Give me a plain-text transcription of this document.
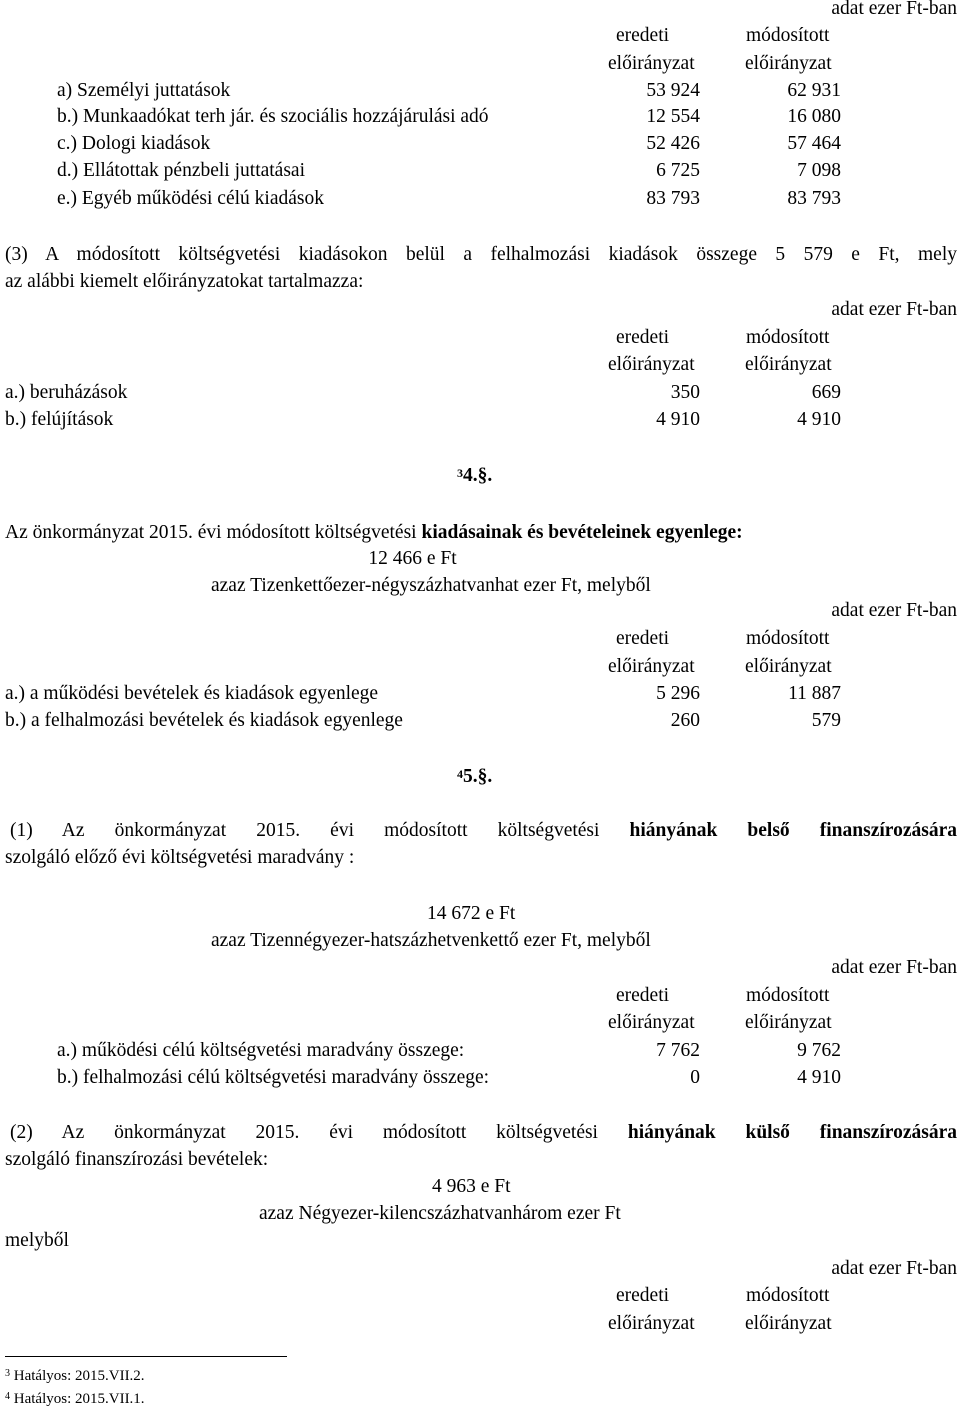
adat ezer Ft-ban
eredeti	módosított
előirányzat	előirányzat
a) Személyi juttatások	53 924	62 931
b.) Munkaadókat terh jár. és szociális hozzájárulási adó	12 554	16 080
c.) Dologi kiadások	52 426	57 464
d.) Ellátottak pénzbeli juttatásai	6 725	7 098
e.) Egyéb működési célú kiadások	83 793	83 793
(3) A módosított költségvetési kiadásokon belül a felhalmozási kiadások összege 5 579 e Ft, mely
az alábbi kiemelt előirányzatokat tartalmazza:
adat ezer Ft-ban
eredeti	módosított
előirányzat	előirányzat
a.) beruházások	350	669
b.) felújítások	4 910	4 910
$^3$4.§.
Az önkormányzat 2015. évi módosított költségvetési kiadásainak és bevételeinek egyenlege:
12 466 e Ft
azaz Tizenkettőezer-négyszázhatvanhat ezer Ft, melyből
adat ezer Ft-ban
eredeti	módosított
előirányzat	előirányzat
a.) a működési bevételek és kiadások egyenlege	5 296	11 887
b.) a felhalmozási bevételek és kiadások egyenlege	260	579
$^4$5.§.
(1) Az önkormányzat 2015. évi módosított költségvetési hiányának belső finanszírozására
szolgáló előző évi költségvetési maradvány :
14 672 e Ft
azaz Tizennégyezer-hatszázhetvenkettő ezer Ft, melyből
adat ezer Ft-ban
eredeti	módosított
előirányzat	előirányzat
a.) működési célú költségvetési maradvány összege:	7 762	9 762
b.) felhalmozási célú költségvetési maradvány összege:	0	4 910
(2) Az önkormányzat 2015. évi módosított költségvetési hiányának külső finanszírozására
szolgáló finanszírozási bevételek:
4 963 e Ft
azaz Négyezer-kilencszázhatvanhárom ezer Ft
melyből
adat ezer Ft-ban
eredeti	módosított
előirányzat	előirányzat
$^3$ Hatályos: 2015.VII.2.
$^4$ Hatályos: 2015.VII.1.
